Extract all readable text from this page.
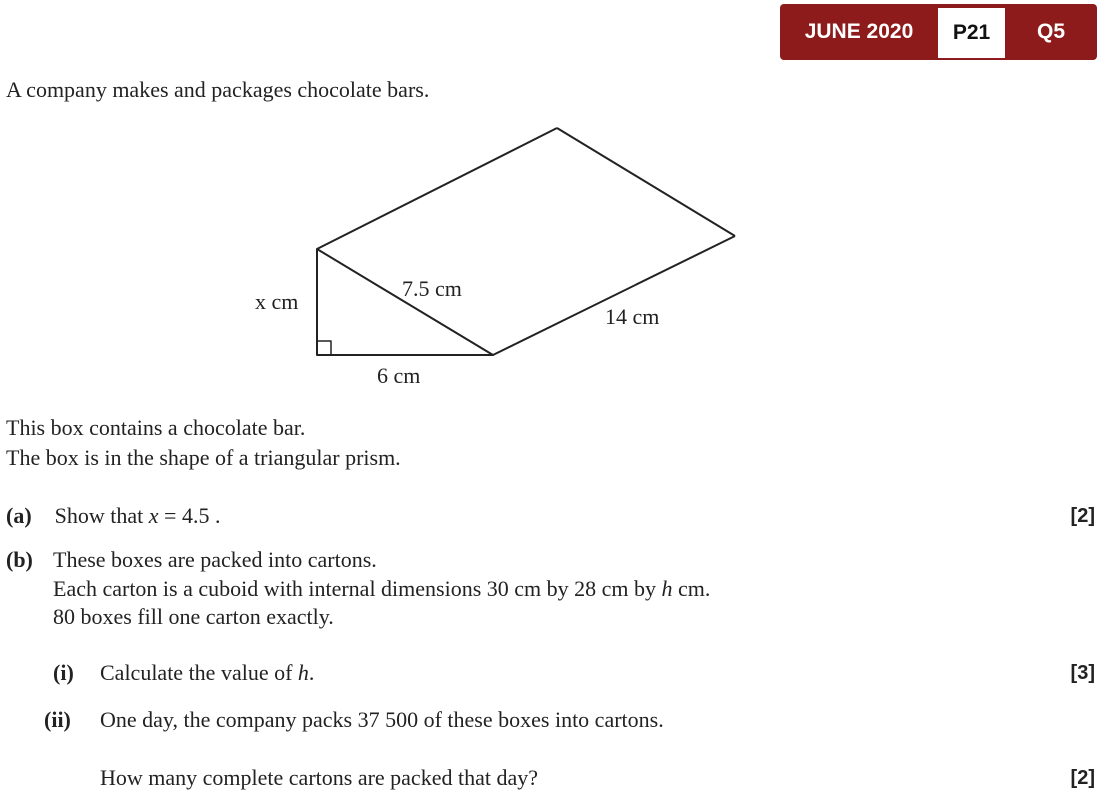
JUNE 2020	P21	Q5
A company makes and packages chocolate bars.
x cm
7.5 cm
14 cm
6 cm
This box contains a chocolate bar.
The box is in the shape of a triangular prism.
(a) Show that x = 4.5 .	[2]
(b) These boxes are packed into cartons.
Each carton is a cuboid with internal dimensions 30 cm by 28 cm by h cm.
80 boxes fill one carton exactly.
(i) Calculate the value of h.	[3]
(ii) One day, the company packs 37 500 of these boxes into cartons.
How many complete cartons are packed that day?	[2]
